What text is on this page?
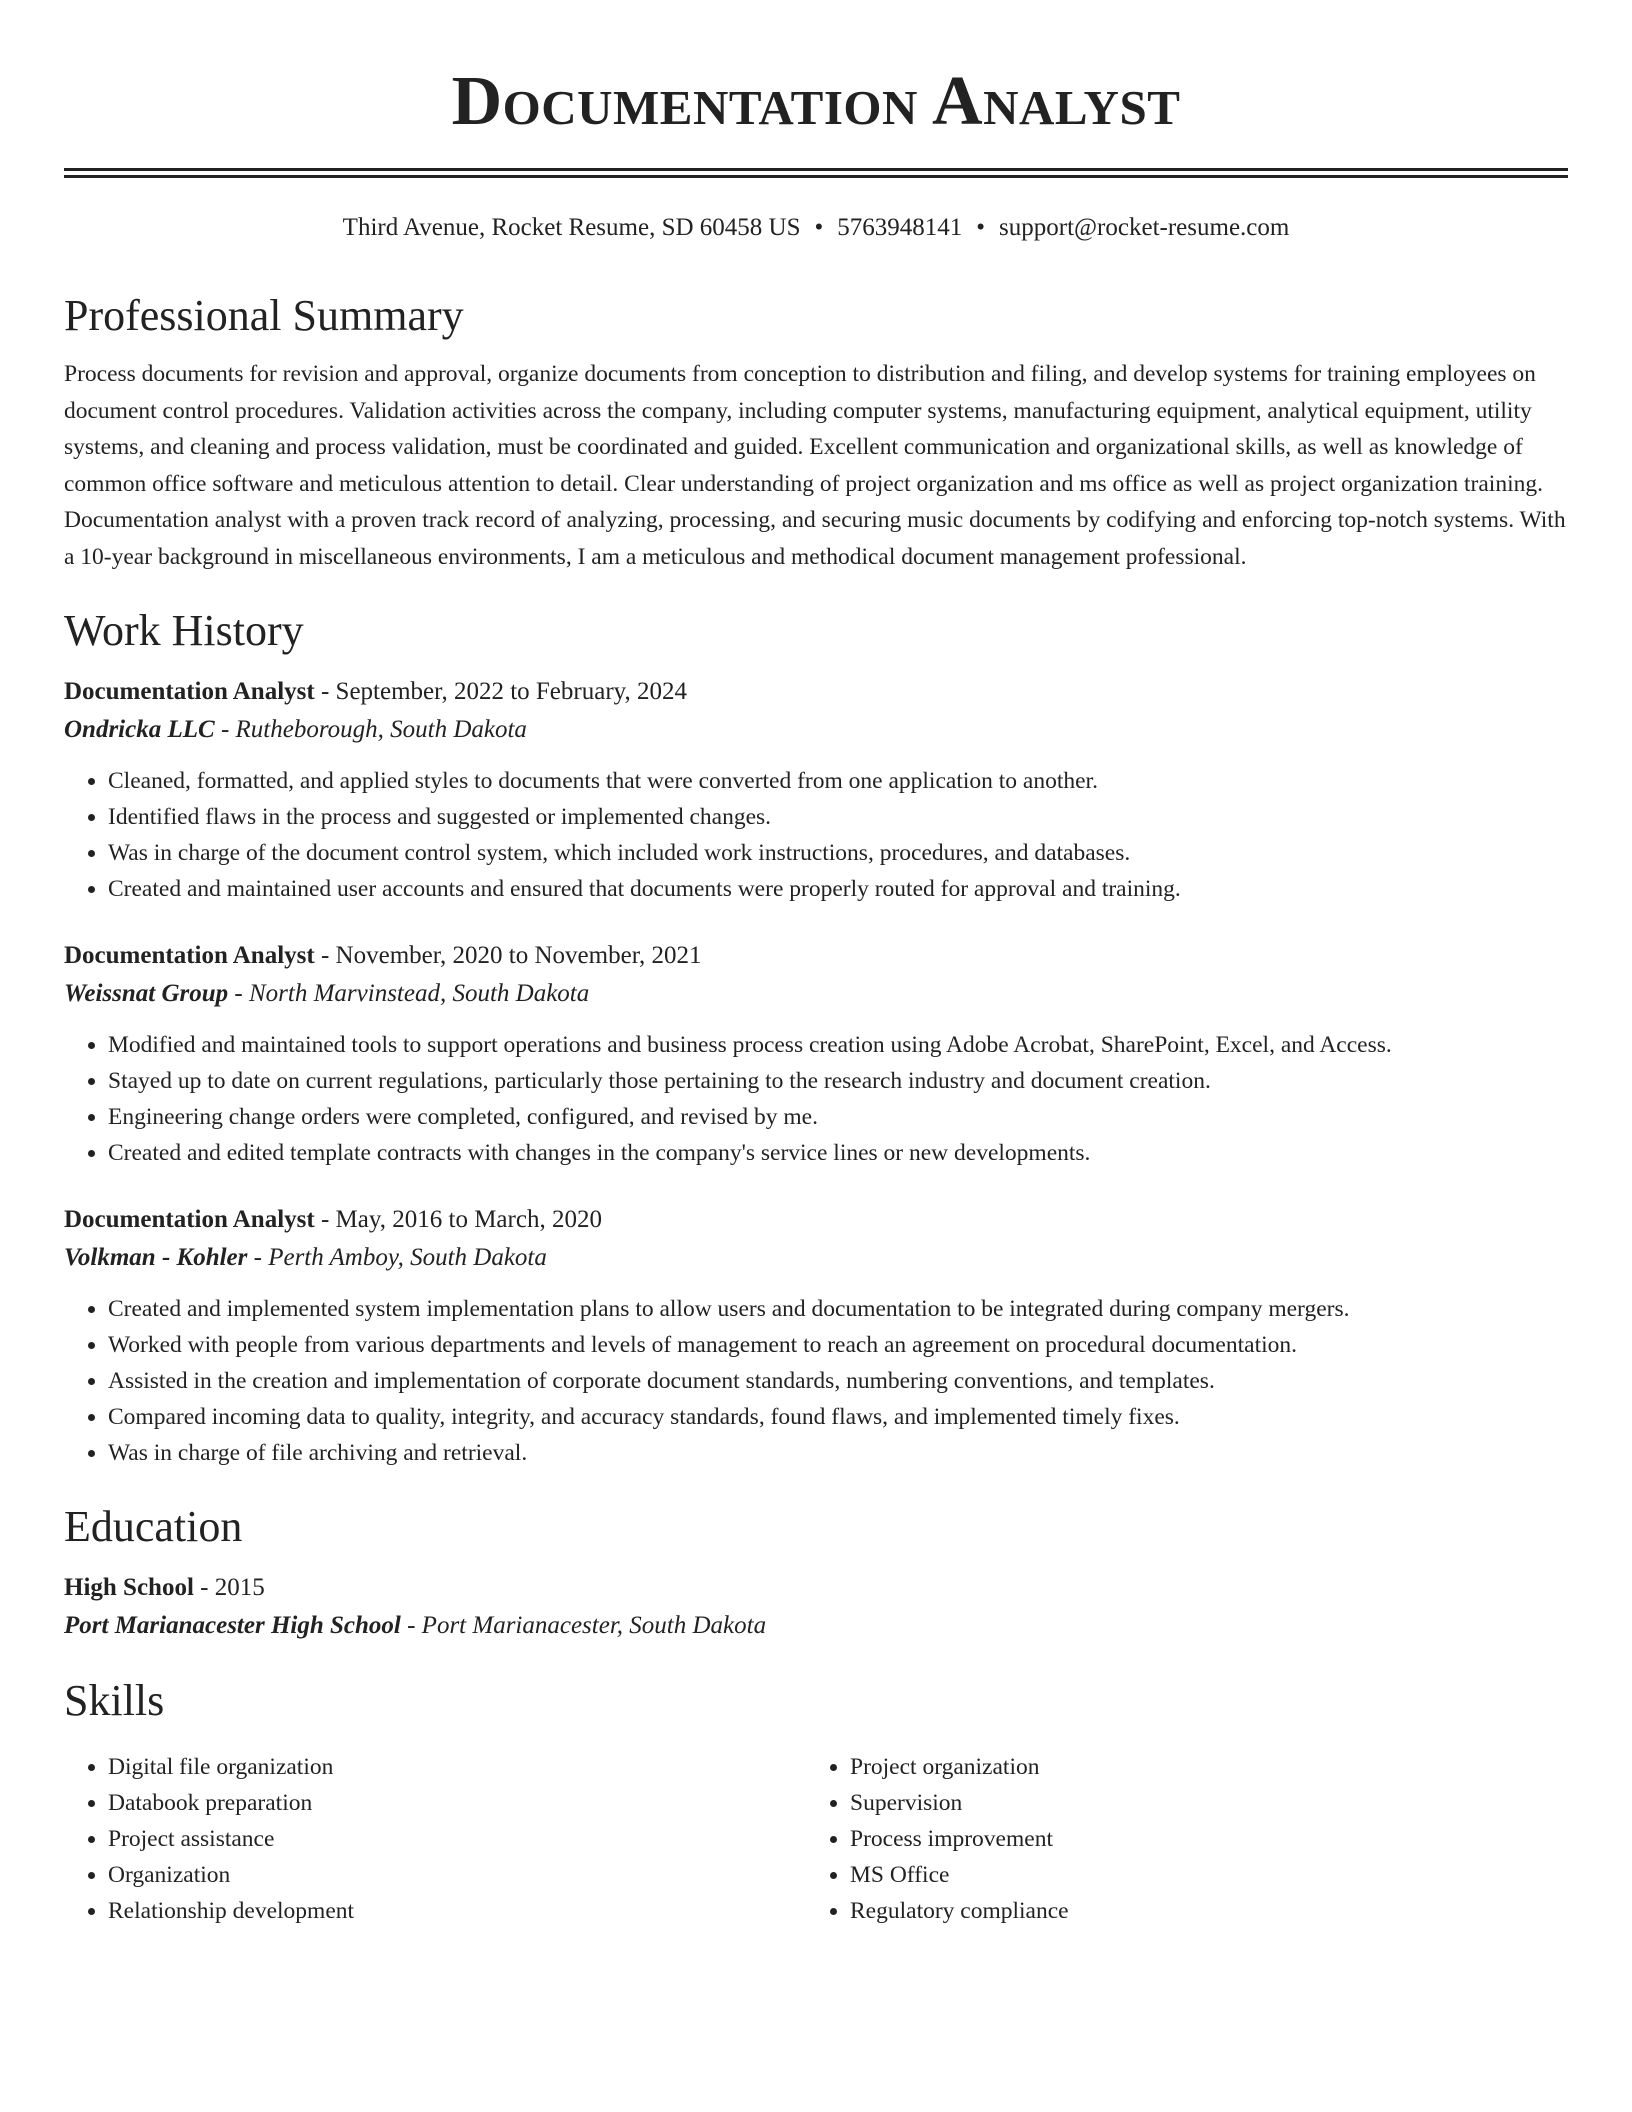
Documentation Analyst
Third Avenue, Rocket Resume, SD 60458 US • 5763948141 • support@rocket-resume.com
Professional Summary
Process documents for revision and approval, organize documents from conception to distribution and filing, and develop systems for training employees on document control procedures. Validation activities across the company, including computer systems, manufacturing equipment, analytical equipment, utility systems, and cleaning and process validation, must be coordinated and guided. Excellent communication and organizational skills, as well as knowledge of common office software and meticulous attention to detail. Clear understanding of project organization and ms office as well as project organization training. Documentation analyst with a proven track record of analyzing, processing, and securing music documents by codifying and enforcing top-notch systems. With a 10-year background in miscellaneous environments, I am a meticulous and methodical document management professional.
Work History
Documentation Analyst - September, 2022 to February, 2024
Ondricka LLC - Rutheborough, South Dakota
• Cleaned, formatted, and applied styles to documents that were converted from one application to another.
• Identified flaws in the process and suggested or implemented changes.
• Was in charge of the document control system, which included work instructions, procedures, and databases.
• Created and maintained user accounts and ensured that documents were properly routed for approval and training.
Documentation Analyst - November, 2020 to November, 2021
Weissnat Group - North Marvinstead, South Dakota
• Modified and maintained tools to support operations and business process creation using Adobe Acrobat, SharePoint, Excel, and Access.
• Stayed up to date on current regulations, particularly those pertaining to the research industry and document creation.
• Engineering change orders were completed, configured, and revised by me.
• Created and edited template contracts with changes in the company's service lines or new developments.
Documentation Analyst - May, 2016 to March, 2020
Volkman - Kohler - Perth Amboy, South Dakota
• Created and implemented system implementation plans to allow users and documentation to be integrated during company mergers.
• Worked with people from various departments and levels of management to reach an agreement on procedural documentation.
• Assisted in the creation and implementation of corporate document standards, numbering conventions, and templates.
• Compared incoming data to quality, integrity, and accuracy standards, found flaws, and implemented timely fixes.
• Was in charge of file archiving and retrieval.
Education
High School - 2015
Port Marianacester High School - Port Marianacester, South Dakota
Skills
• Digital file organization
• Databook preparation
• Project assistance
• Organization
• Relationship development
• Project organization
• Supervision
• Process improvement
• MS Office
• Regulatory compliance
